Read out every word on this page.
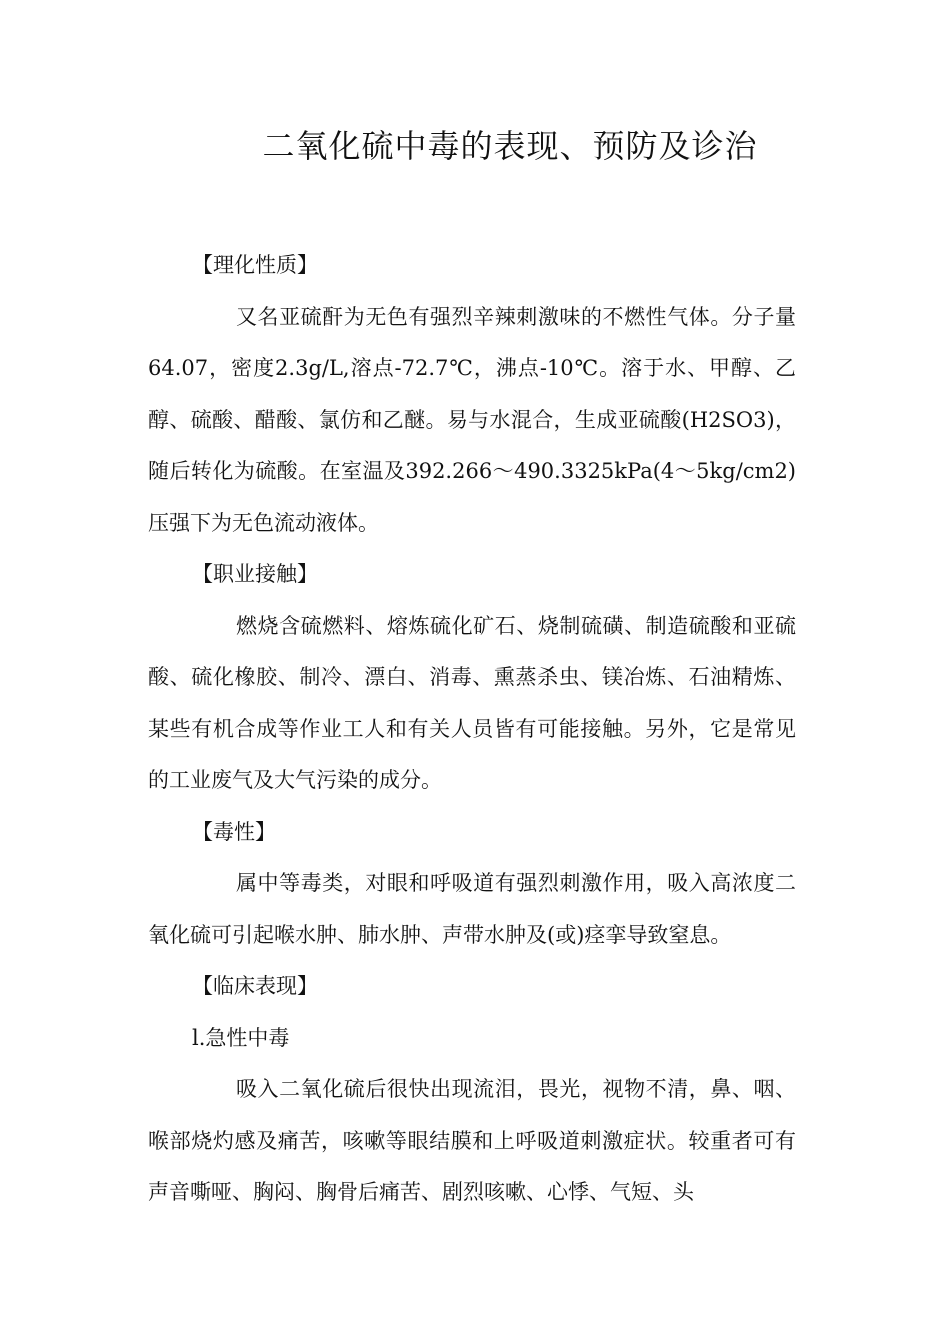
二氧化硫中毒的表现、预防及诊治

【理化性质】

又名亚硫酐为无色有强烈辛辣刺激味的不燃性气体。分子量64.07，密度2.3g/L,溶点-72.7℃，沸点-10℃。溶于水、甲醇、乙醇、硫酸、醋酸、氯仿和乙醚。易与水混合，生成亚硫酸(H2SO3)，随后转化为硫酸。在室温及392.266～490.3325kPa(4～5kg/cm2)压强下为无色流动液体。

【职业接触】

燃烧含硫燃料、熔炼硫化矿石、烧制硫磺、制造硫酸和亚硫酸、硫化橡胶、制冷、漂白、消毒、熏蒸杀虫、镁冶炼、石油精炼、某些有机合成等作业工人和有关人员皆有可能接触。另外，它是常见的工业废气及大气污染的成分。

【毒性】

属中等毒类，对眼和呼吸道有强烈刺激作用，吸入高浓度二氧化硫可引起喉水肿、肺水肿、声带水肿及(或)痉挛导致窒息。

【临床表现】

l.急性中毒

吸入二氧化硫后很快出现流泪，畏光，视物不清，鼻、咽、喉部烧灼感及痛苦，咳嗽等眼结膜和上呼吸道刺激症状。较重者可有声音嘶哑、胸闷、胸骨后痛苦、剧烈咳嗽、心悸、气短、头
